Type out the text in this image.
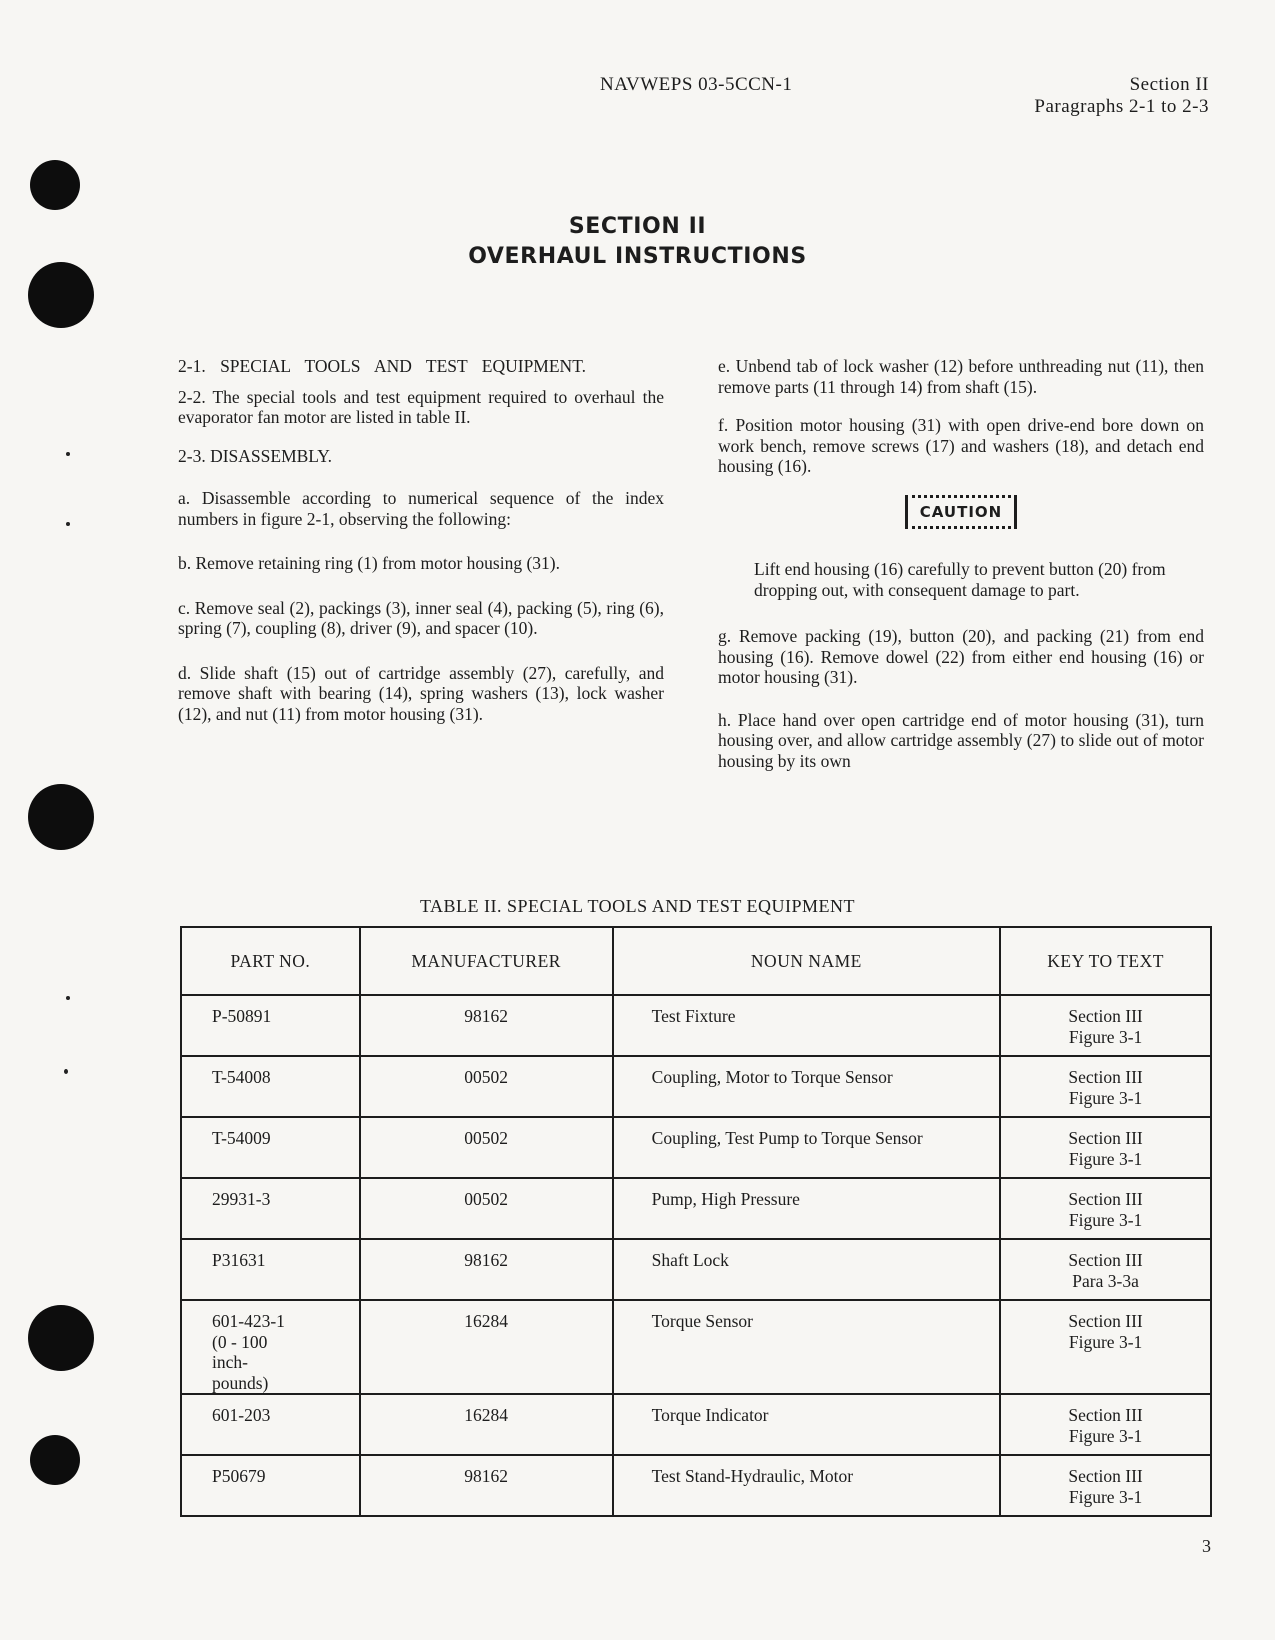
NAVWEPS 03-5CCN-1	Section II
Paragraphs 2-1 to 2-3
SECTION II
OVERHAUL INSTRUCTIONS

2-1. SPECIAL TOOLS AND TEST EQUIPMENT.

2-2. The special tools and test equipment required to overhaul the evaporator fan motor are listed in table II.

2-3. DISASSEMBLY.

a. Disassemble according to numerical sequence of the index numbers in figure 2-1, observing the following:

b. Remove retaining ring (1) from motor housing (31).

c. Remove seal (2), packings (3), inner seal (4), packing (5), ring (6), spring (7), coupling (8), driver (9), and spacer (10).

d. Slide shaft (15) out of cartridge assembly (27), carefully, and remove shaft with bearing (14), spring washers (13), lock washer (12), and nut (11) from motor housing (31).

e. Unbend tab of lock washer (12) before unthreading nut (11), then remove parts (11 through 14) from shaft (15).

f. Position motor housing (31) with open drive-end bore down on work bench, remove screws (17) and washers (18), and detach end housing (16).

CAUTION

Lift end housing (16) carefully to prevent button (20) from dropping out, with consequent damage to part.

g. Remove packing (19), button (20), and packing (21) from end housing (16). Remove dowel (22) from either end housing (16) or motor housing (31).

h. Place hand over open cartridge end of motor housing (31), turn housing over, and allow cartridge assembly (27) to slide out of motor housing by its own

TABLE II. SPECIAL TOOLS AND TEST EQUIPMENT
PART NO.	MANUFACTURER	NOUN NAME	KEY TO TEXT
P-50891	98162	Test Fixture	Section III
Figure 3-1

T-54008	00502	Coupling, Motor to Torque Sensor	Section III
Figure 3-1

T-54009	00502	Coupling, Test Pump to Torque Sensor	Section III
Figure 3-1

29931-3	00502	Pump, High Pressure	Section III
Figure 3-1

P31631	98162	Shaft Lock	Section III
Para 3-3a

601-423-1 (0 - 100 inch-pounds)	16284	Torque Sensor	Section III
Figure 3-1

601-203	16284	Torque Indicator	Section III
Figure 3-1

P50679	98162	Test Stand-Hydraulic, Motor	Section III
Figure 3-1
3
